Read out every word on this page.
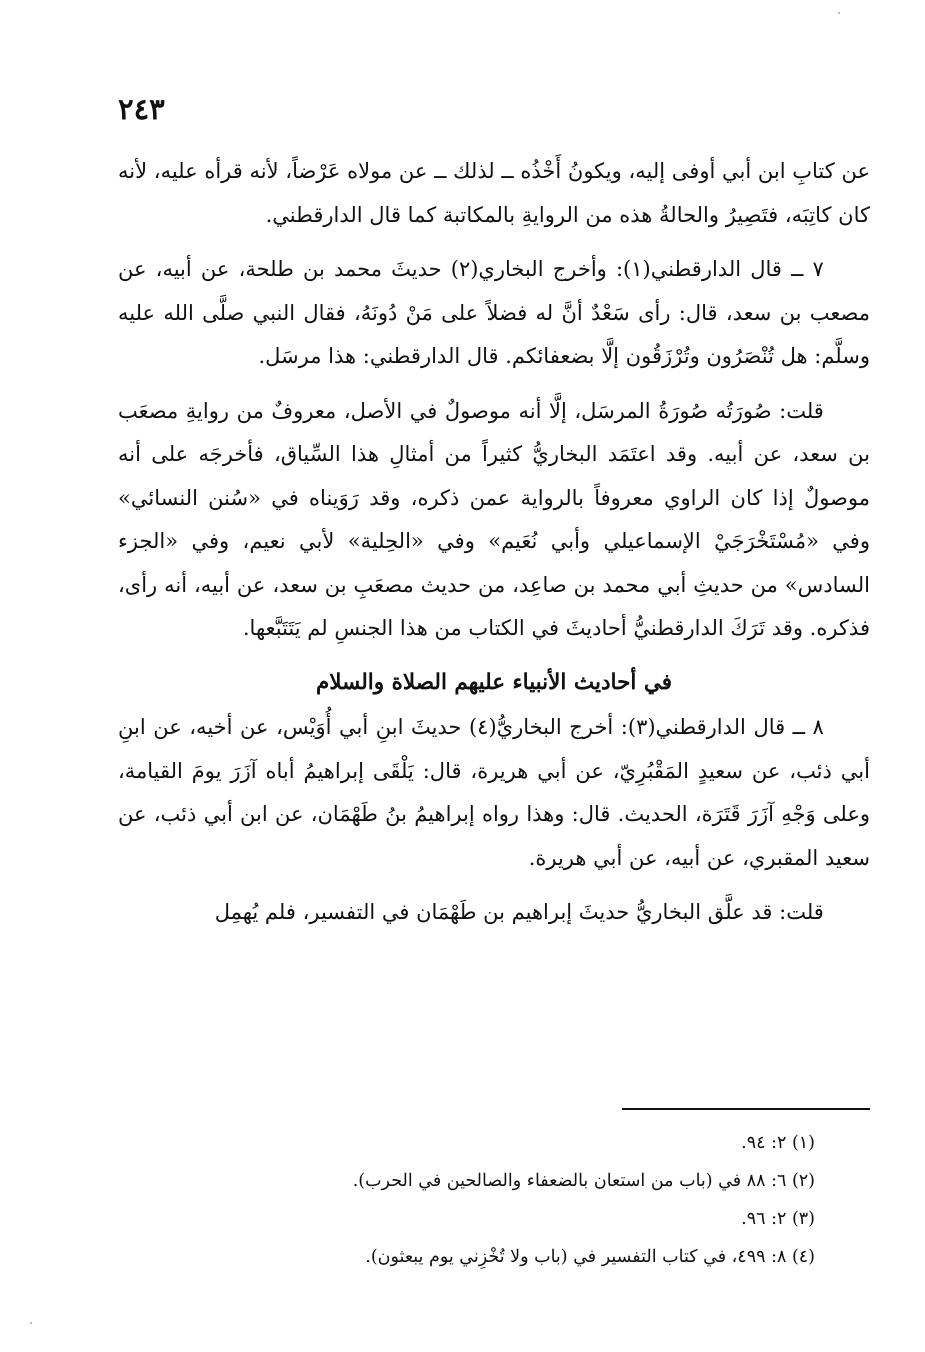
٢٤٣

عن كتابِ ابن أبي أوفى إليه، ويكونُ أَخْذُه ــ لذلك ــ عن مولاه عَرْضاً، لأنه قرأه عليه، لأنه كان كاتِبَه، فتَصِيرُ والحالةُ هذه من الروايةِ بالمكاتبة كما قال الدارقطني.

٧ ــ قال الدارقطني(١): وأخرج البخاري(٢) حديثَ محمد بن طلحة، عن أبيه، عن مصعب بن سعد، قال: رأى سَعْدٌ أنَّ له فضلاً على مَنْ دُونَهُ، فقال النبي صلَّى الله عليه وسلَّم: هل تُنْصَرُون وتُرْزَقُون إلَّا بضعفائكم. قال الدارقطني: هذا مرسَل.

قلت: صُورَتُه صُورَةُ المرسَل، إلَّا أنه موصولٌ في الأصل، معروفٌ من روايةِ مصعَب بن سعد، عن أبيه. وقد اعتَمَد البخاريُّ كثيراً من أمثالِ هذا السِّياق، فأخرجَه على أنه موصولٌ إذا كان الراوي معروفاً بالرواية عمن ذكره، وقد رَوَيناه في «سُنن النسائي» وفي «مُسْتَخْرَجَيْ الإسماعيلي وأبي نُعَيم» وفي «الحِلية» لأبي نعيم، وفي «الجزء السادس» من حديثِ أبي محمد بن صاعِد، من حديث مصعَبِ بن سعد، عن أبيه، أنه رأى، فذكره. وقد تَرَكَ الدارقطنيُّ أحاديثَ في الكتاب من هذا الجنسِ لم يَتَتَبَّعها.

في أحاديث الأنبياء عليهم الصلاة والسلام

٨ ــ قال الدارقطني(٣): أخرج البخاريُّ(٤) حديثَ ابنِ أبي أُوَيْس، عن أخيه، عن ابنِ أبي ذئب، عن سعيدٍ المَقْبُرِيّ، عن أبي هريرة، قال: يَلْقَى إبراهيمُ أباه آزَرَ يومَ القيامة، وعلى وَجْهِ آزَرَ قَتَرَة، الحديث. قال: وهذا رواه إبراهيمُ بنُ طَهْمَان، عن ابن أبي ذئب، عن سعيد المقبري، عن أبيه، عن أبي هريرة.

قلت: قد علَّق البخاريُّ حديثَ إبراهيم بن طَهْمَان في التفسير، فلم يُهمِل

(١) ٢: ٩٤.

(٢) ٦: ٨٨ في (باب من استعان بالضعفاء والصالحين في الحرب).

(٣) ٢: ٩٦.

(٤) ٨: ٤٩٩، في كتاب التفسير في (باب ولا تُخْزِني يوم يبعثون).
